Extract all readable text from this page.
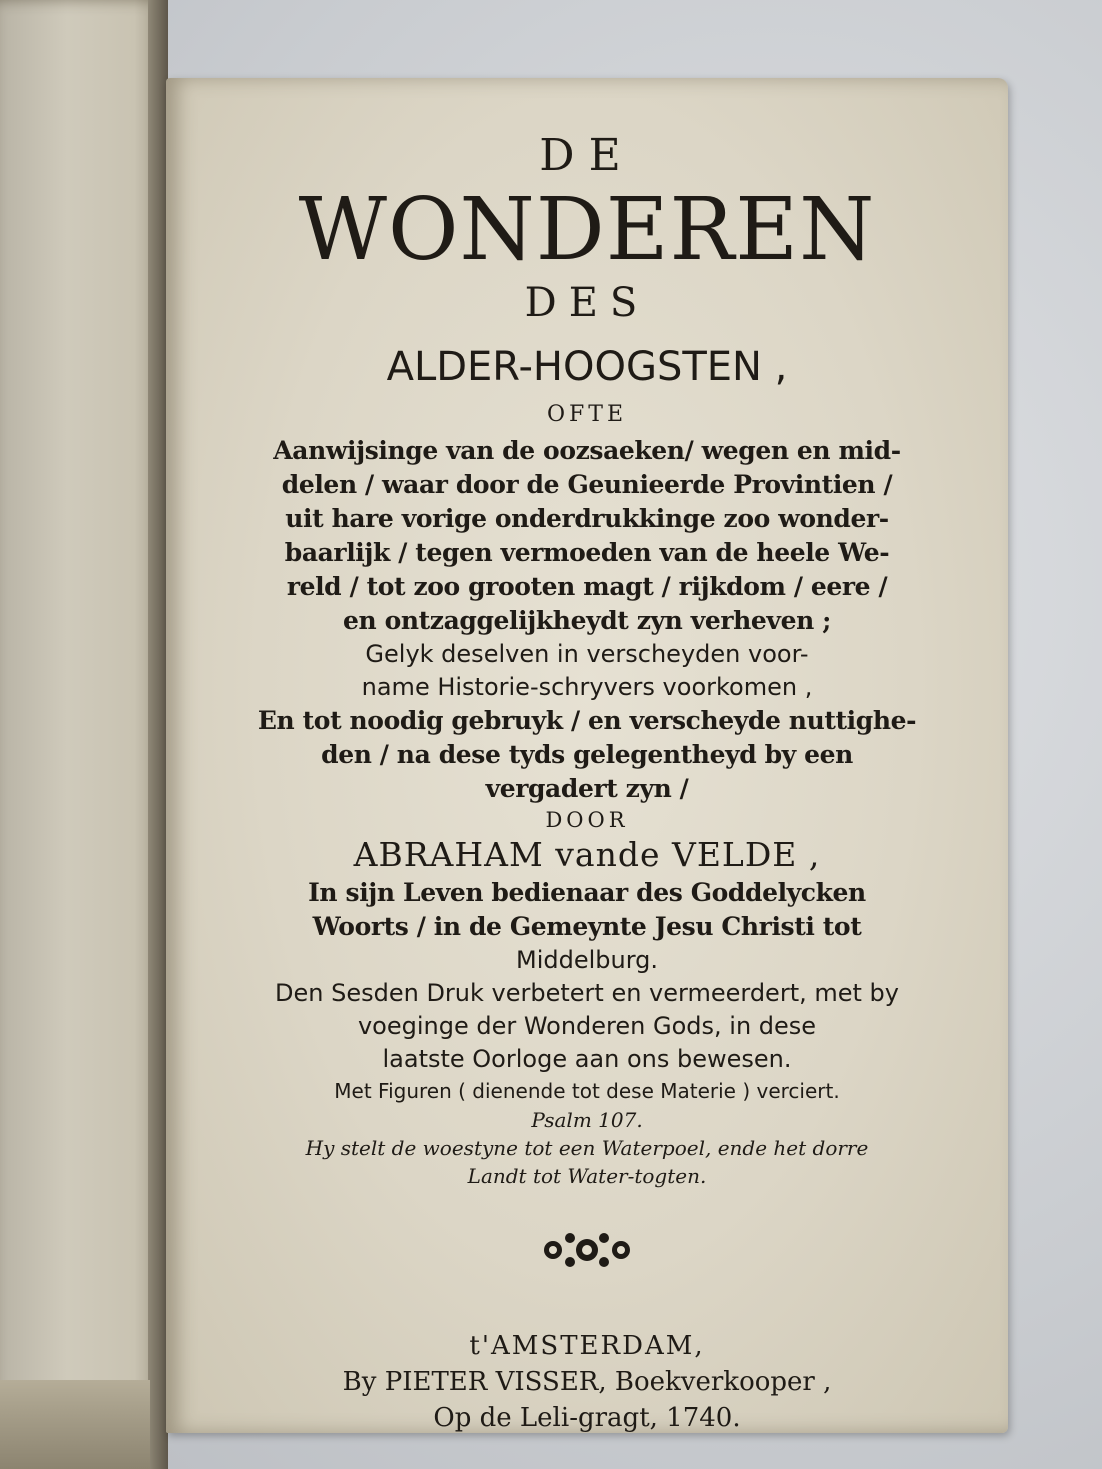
DE
WONDEREN
DES
ALDER-HOOGSTEN ,
OFTE
Aanwijsinge van de oozsaeken/ wegen en mid-
delen / waar door de Geunieerde Provintien /
uit hare vorige onderdrukkinge zoo wonder-
baarlijk / tegen vermoeden van de heele We-
reld / tot zoo grooten magt / rijkdom / eere /
en ontzaggelijkheydt zyn verheven ;
Gelyk deselven in verscheyden voor-
name Historie-schryvers voorkomen ,
En tot noodig gebruyk / en verscheyde nuttighe-
den / na dese tyds gelegentheyd by een
vergadert zyn /
DOOR
ABRAHAM vande VELDE ,
In sijn Leven bedienaar des Goddelycken
Woorts / in de Gemeynte Jesu Christi tot
Middelburg.
Den Sesden Druk verbetert en vermeerdert, met by
voeginge der Wonderen Gods, in dese
laatste Oorloge aan ons bewesen.
Met Figuren ( dienende tot dese Materie ) verciert.
Psalm 107.
Hy stelt de woestyne tot een Waterpoel, ende het dorre
Landt tot Water-togten.
t'AMSTERDAM,
By PIETER VISSER, Boekverkooper ,
Op de Leli-gragt, 1740.
